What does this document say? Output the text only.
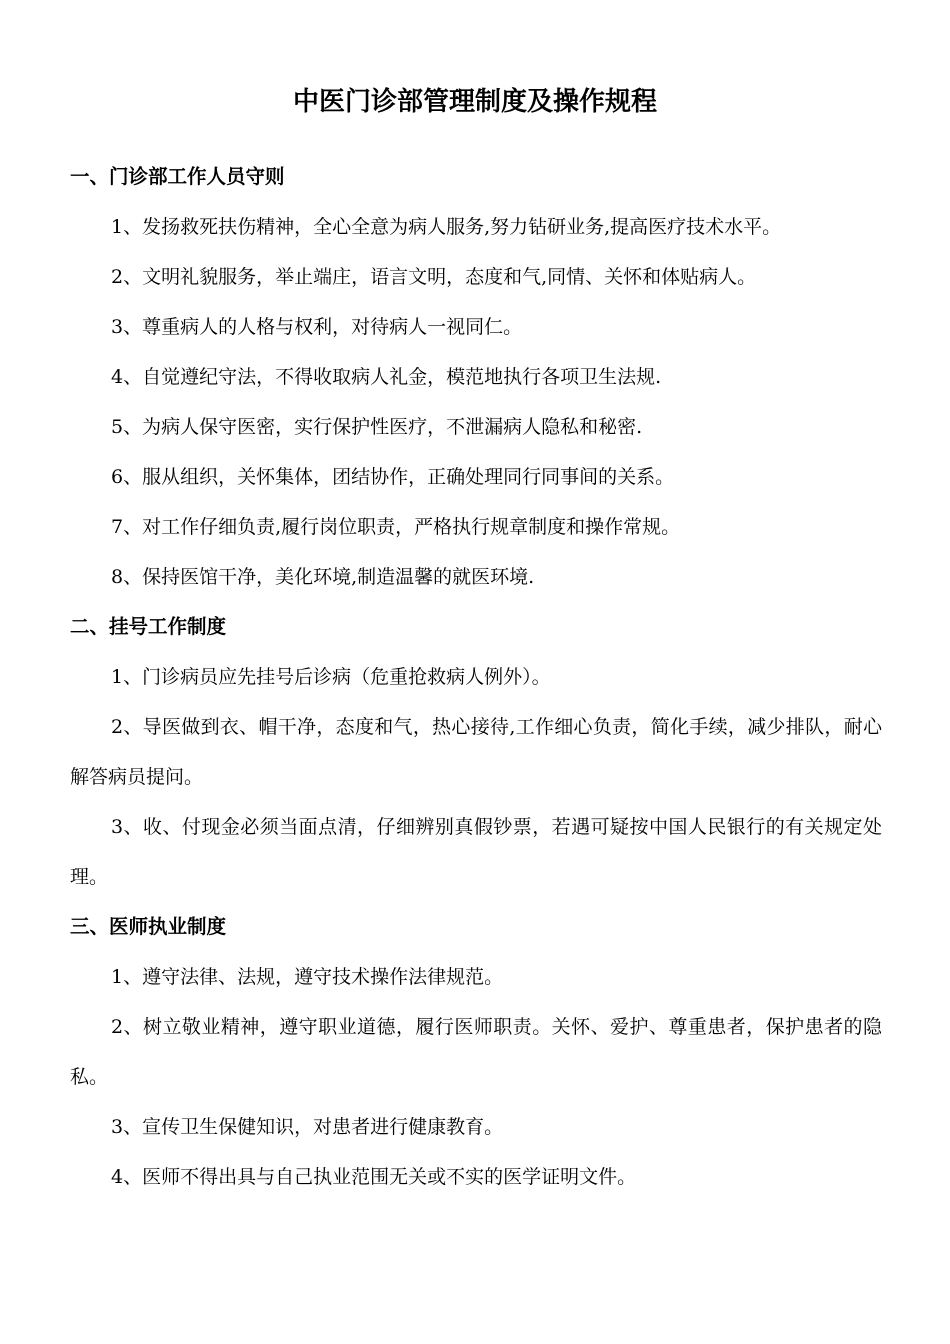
中医门诊部管理制度及操作规程
一、门诊部工作人员守则

1、发扬救死扶伤精神，全心全意为病人服务,努力钻研业务,提高医疗技术水平。

2、文明礼貌服务，举止端庄，语言文明，态度和气,同情、关怀和体贴病人。

3、尊重病人的人格与权利，对待病人一视同仁。

4、自觉遵纪守法，不得收取病人礼金，模范地执行各项卫生法规.

5、为病人保守医密，实行保护性医疗，不泄漏病人隐私和秘密.

6、服从组织，关怀集体，团结协作，正确处理同行同事间的关系。

7、对工作仔细负责,履行岗位职责，严格执行规章制度和操作常规。

8、保持医馆干净，美化环境,制造温馨的就医环境.

二、挂号工作制度

1、门诊病员应先挂号后诊病（危重抢救病人例外）。

2、导医做到衣、帽干净，态度和气，热心接待,工作细心负责，简化手续，减少排队，耐心解答病员提问。

3、收、付现金必须当面点清，仔细辨别真假钞票，若遇可疑按中国人民银行的有关规定处理。

三、医师执业制度

1、遵守法律、法规，遵守技术操作法律规范。

2、树立敬业精神，遵守职业道德，履行医师职责。关怀、爱护、尊重患者，保护患者的隐私。

3、宣传卫生保健知识，对患者进行健康教育。

4、医师不得出具与自己执业范围无关或不实的医学证明文件。
